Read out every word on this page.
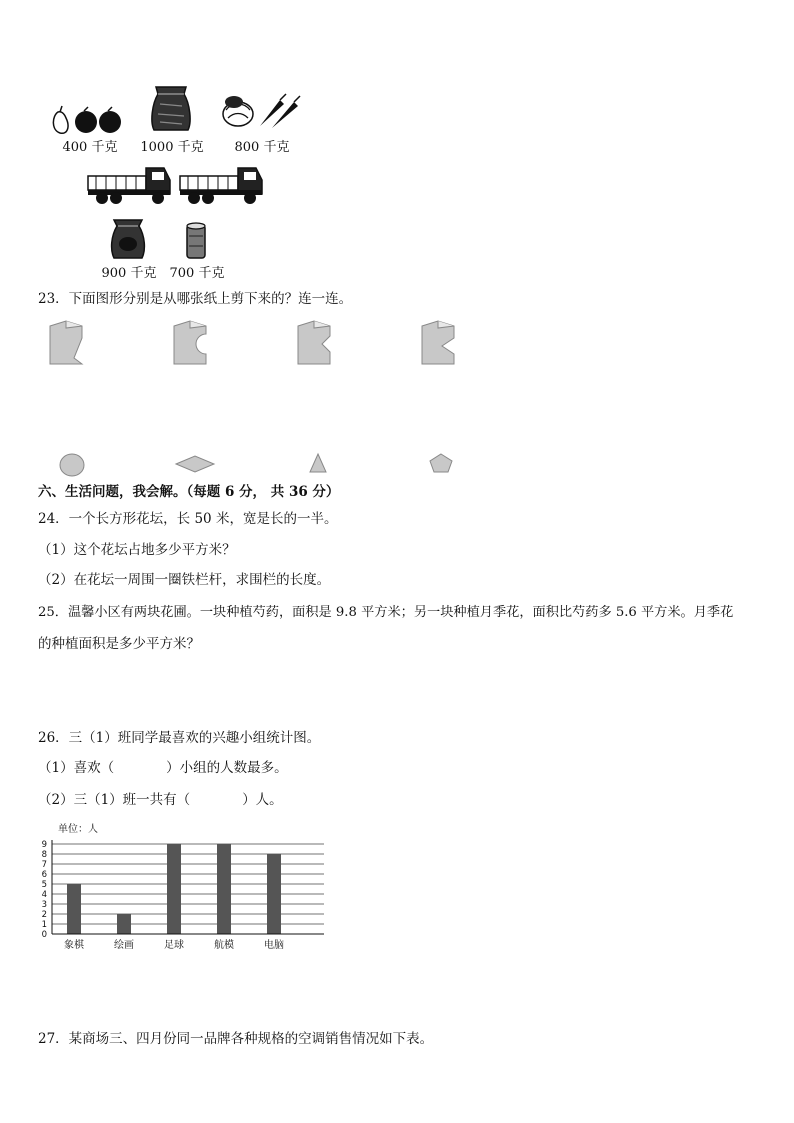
400 千克	1000 千克	800 千克
900 千克	700 千克
23．下面图形分别是从哪张纸上剪下来的？连一连。
六、生活问题，我会解。（每题 6 分， 共 36 分）
24．一个长方形花坛，长 50 米，宽是长的一半。
（1）这个花坛占地多少平方米？
（2）在花坛一周围一圈铁栏杆，求围栏的长度。
25．温馨小区有两块花圃。一块种植芍药，面积是 9.8 平方米；另一块种植月季花，面积比芍药多 5.6 平方米。月季花
的种植面积是多少平方米？
26．三（1）班同学最喜欢的兴趣小组统计图。
（1）喜欢（	）小组的人数最多。
（2）三（1）班一共有（	）人。
单位：人
0
1
2
3
4
5
6
7
8
9
象棋	绘画	足球	航模	电脑
27．某商场三、四月份同一品牌各种规格的空调销售情况如下表。
